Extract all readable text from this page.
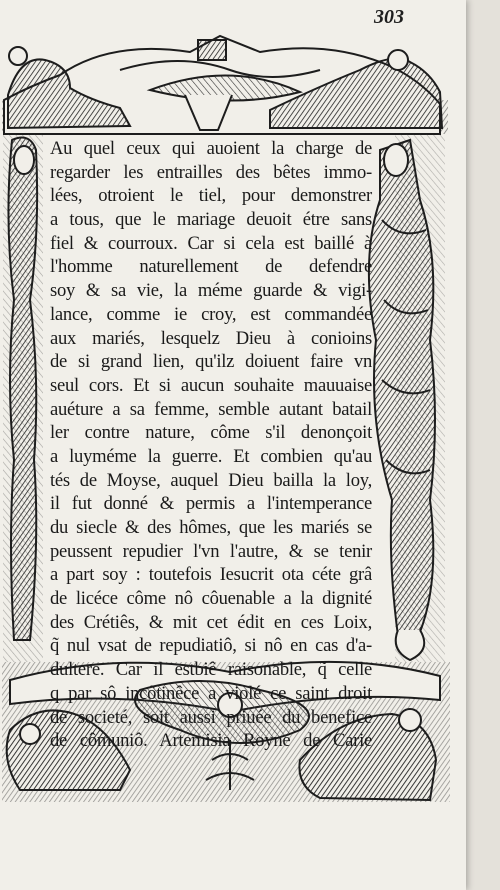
303
Au quel ceux qui auoient la charge de
regarder les entrailles des bêtes immo-
lées, otroient le tiel, pour demonstrer
a tous, que le mariage deuoit étre sans
fiel & courroux. Car si cela est baillé à
l'homme naturellement de defendre
soy & sa vie, la méme guarde & vigi-
lance, comme ie croy, est commandée
aux mariés, lesquelz Dieu à conioins
de si grand lien, qu'ilz doiuent faire vn
seul cors. Et si aucun souhaite mauuaise
auéture a sa femme, semble autant batail
ler contre nature, côme s'il denonçoit
a luyméme la guerre. Et combien qu'au
tés de Moyse, auquel Dieu bailla la loy,
il fut donné & permis a l'intemperance
du siecle & des hômes, que les mariés se
peussent repudier l'vn l'autre, & se tenir
a part soy : toutefois Iesucrit ota céte grâ
de licéce côme nô côuenable a la dignité
des Crétiês, & mit cet édit en ces Loix,
q̃ nul vsat de repudiatiô, si nô en cas d'a-
dultere. Car il estbiê raisonable, q̃ celle
q par sô incôtinêce a violé ce saint droit
de societé, soit aussi priuée du benefice
de cômuniô. Artemisia Royne de Carie
